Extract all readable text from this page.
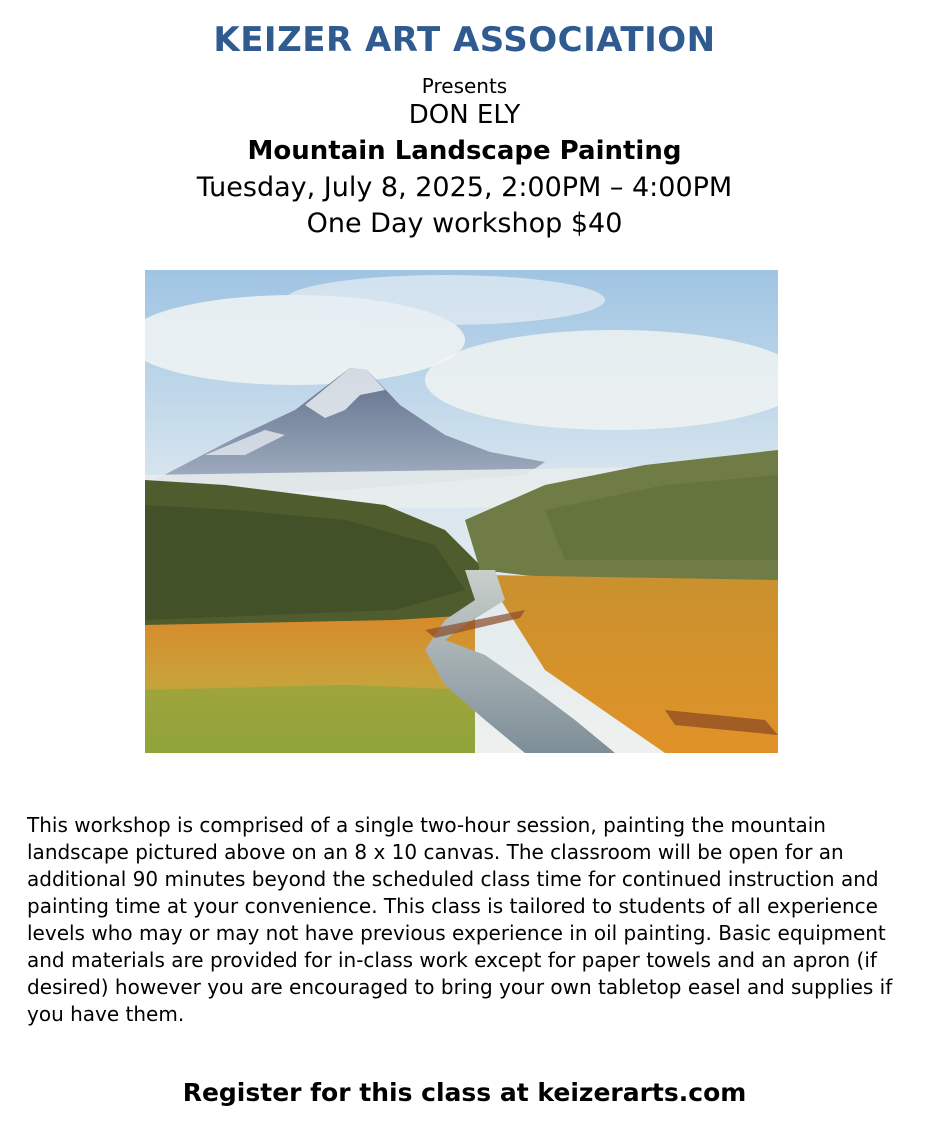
KEIZER ART ASSOCIATION
Presents
DON ELY
Mountain Landscape Painting
Tuesday, July 8, 2025, 2:00PM – 4:00PM
One Day workshop $40

This workshop is comprised of a single two-hour session, painting the mountain landscape pictured above on an 8 x 10 canvas. The classroom will be open for an additional 90 minutes beyond the scheduled class time for continued instruction and painting time at your convenience. This class is tailored to students of all experience levels who may or may not have previous experience in oil painting. Basic equipment and materials are provided for in-class work except for paper towels and an apron (if desired) however you are encouraged to bring your own tabletop easel and supplies if you have them.

Register for this class at keizerarts.com
